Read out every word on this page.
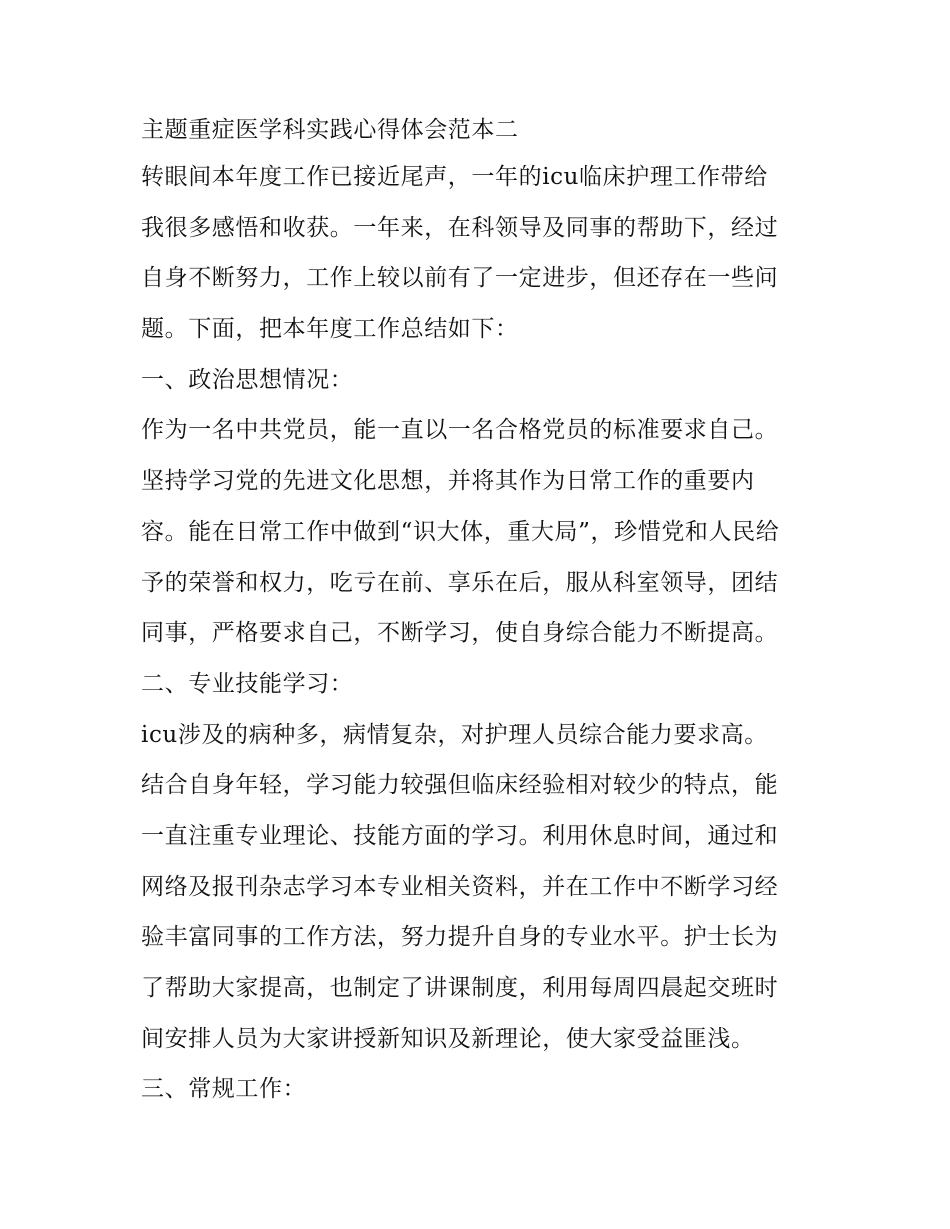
主题重症医学科实践心得体会范本二
转眼间本年度工作已接近尾声，一年的icu临床护理工作带给
我很多感悟和收获。一年来，在科领导及同事的帮助下，经过
自身不断努力，工作上较以前有了一定进步，但还存在一些问
题。下面，把本年度工作总结如下：
一、政治思想情况：
作为一名中共党员，能一直以一名合格党员的标准要求自己。
坚持学习党的先进文化思想，并将其作为日常工作的重要内
容。能在日常工作中做到“识大体，重大局”，珍惜党和人民给
予的荣誉和权力，吃亏在前、享乐在后，服从科室领导，团结
同事，严格要求自己，不断学习，使自身综合能力不断提高。
二、专业技能学习：
icu涉及的病种多，病情复杂，对护理人员综合能力要求高。
结合自身年轻，学习能力较强但临床经验相对较少的特点，能
一直注重专业理论、技能方面的学习。利用休息时间，通过和
网络及报刊杂志学习本专业相关资料，并在工作中不断学习经
验丰富同事的工作方法，努力提升自身的专业水平。护士长为
了帮助大家提高，也制定了讲课制度，利用每周四晨起交班时
间安排人员为大家讲授新知识及新理论，使大家受益匪浅。
三、常规工作：
